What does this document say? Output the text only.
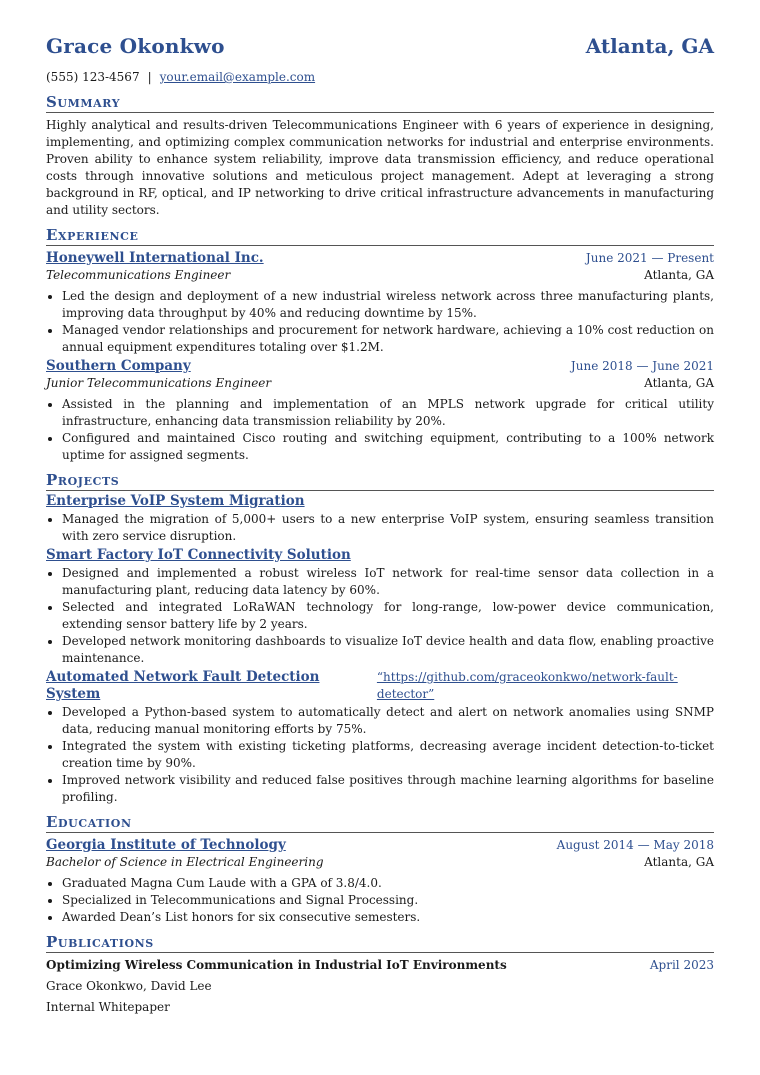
Grace Okonkwo	Atlanta, GA
(555) 123-4567 | your.email@example.com
Summary
Highly analytical and results-driven Telecommunications Engineer with 6 years of experience in designing, implementing, and optimizing complex communication networks for industrial and enterprise environments. Proven ability to enhance system reliability, improve data transmission efficiency, and reduce operational costs through innovative solutions and meticulous project management. Adept at leveraging a strong background in RF, optical, and IP networking to drive critical infrastructure advancements in manufacturing and utility sectors.
Experience
Honeywell International Inc.	June 2021 — Present
Telecommunications Engineer	Atlanta, GA
• Led the design and deployment of a new industrial wireless network across three manufacturing plants, improving data throughput by 40% and reducing downtime by 15%.
• Managed vendor relationships and procurement for network hardware, achieving a 10% cost reduction on annual equipment expenditures totaling over $1.2M.
Southern Company	June 2018 — June 2021
Junior Telecommunications Engineer	Atlanta, GA
• Assisted in the planning and implementation of an MPLS network upgrade for critical utility infrastructure, enhancing data transmission reliability by 20%.
• Configured and maintained Cisco routing and switching equipment, contributing to a 100% network uptime for assigned segments.
Projects
Enterprise VoIP System Migration
• Managed the migration of 5,000+ users to a new enterprise VoIP system, ensuring seamless transition with zero service disruption.
Smart Factory IoT Connectivity Solution
• Designed and implemented a robust wireless IoT network for real-time sensor data collection in a manufacturing plant, reducing data latency by 60%.
• Selected and integrated LoRaWAN technology for long-range, low-power device communication, extending sensor battery life by 2 years.
• Developed network monitoring dashboards to visualize IoT device health and data flow, enabling proactive maintenance.
Automated Network Fault Detection System
“https://github.com/graceokonkwo/network-fault-detector”
• Developed a Python-based system to automatically detect and alert on network anomalies using SNMP data, reducing manual monitoring efforts by 75%.
• Integrated the system with existing ticketing platforms, decreasing average incident detection-to-ticket creation time by 90%.
• Improved network visibility and reduced false positives through machine learning algorithms for baseline profiling.
Education
Georgia Institute of Technology	August 2014 — May 2018
Bachelor of Science in Electrical Engineering	Atlanta, GA
• Graduated Magna Cum Laude with a GPA of 3.8/4.0.
• Specialized in Telecommunications and Signal Processing.
• Awarded Dean’s List honors for six consecutive semesters.
Publications
Optimizing Wireless Communication in Industrial IoT Environments	April 2023
Grace Okonkwo, David Lee
Internal Whitepaper
